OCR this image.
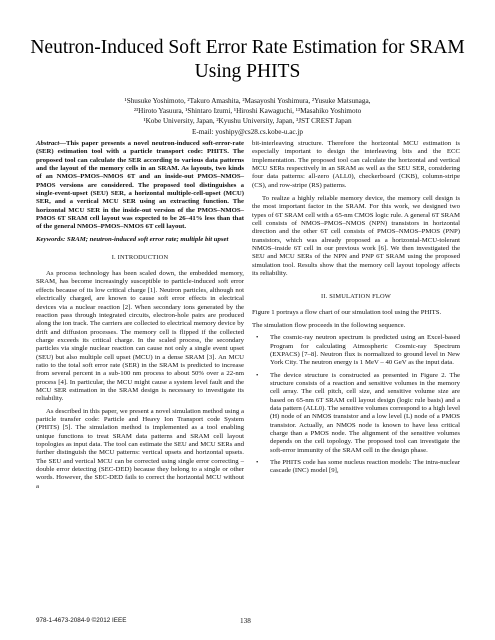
Neutron-Induced Soft Error Rate Estimation for SRAM Using PHITS
¹Shusuke Yoshimoto, ²Takuro Amashita, ²Masayoshi Yoshimura, ²Yusuke Matsunaga,
²³Hiroto Yasuura, ¹Shintaro Izumi, ¹Hiroshi Kawaguchi, ¹³Masahiko Yoshimoto
¹Kobe University, Japan, ²Kyushu University, Japan, ³JST CREST Japan
E-mail: yoshipy@cs28.cs.kobe-u.ac.jp

Abstract—This paper presents a novel neutron-induced soft-error-rate (SER) estimation tool with a particle transport code: PHITS. The proposed tool can calculate the SER according to various data patterns and the layout of the memory cells in an SRAM. As layouts, two kinds of an NMOS–PMOS–NMOS 6T and an inside-out PMOS–NMOS–PMOS versions are considered. The proposed tool distinguishes a single-event-upset (SEU) SER, a horizontal multiple-cell-upset (MCU) SER, and a vertical MCU SER using an extracting function. The horizontal MCU SER in the inside-out version of the PMOS–NMOS–PMOS 6T SRAM cell layout was expected to be 26–41% less than that of the general NMOS–PMOS–NMOS 6T cell layout.

Keywords: SRAM; neutron-induced soft error rate; multiple bit upset

I. INTRODUCTION

As process technology has been scaled down, the embedded memory, SRAM, has become increasingly susceptible to particle-induced soft error effects because of its low critical charge [1]. Neutron particles, although not electrically charged, are known to cause soft error effects in electrical devices via a nuclear reaction [2]. When secondary ions generated by the reaction pass through integrated circuits, electron-hole pairs are produced along the ion track. The carriers are collected to electrical memory device by drift and diffusion processes. The memory cell is flipped if the collected charge exceeds its critical charge. In the scaled process, the secondary particles via single nuclear reaction can cause not only a single event upset (SEU) but also multiple cell upset (MCU) in a dense SRAM [3]. An MCU ratio to the total soft error rate (SER) in the SRAM is predicted to increase from several percent in a sub-100 nm process to about 50% over a 22-nm process [4]. In particular, the MCU might cause a system level fault and the MCU SER estimation in the SRAM design is necessary to investigate its reliability.

As described in this paper, we present a novel simulation method using a particle transfer code: Particle and Heavy Ion Transport code System (PHITS) [5]. The simulation method is implemented as a tool enabling unique functions to treat SRAM data patterns and SRAM cell layout topologies as input data. The tool can estimate the SEU and MCU SERs and further distinguish the MCU patterns: vertical upsets and horizontal upsets. The SEU and vertical MCU can be corrected using single error correcting – double error detecting (SEC-DED) because they belong to a single or other words. However, the SEC-DED fails to correct the horizontal MCU without a

bit-interleaving structure. Therefore the horizontal MCU estimation is especially important to design the interleaving bits and the ECC implementation. The proposed tool can calculate the horizontal and vertical MCU SERs respectively in an SRAM as well as the SEU SER, considering four data patterns: all-zero (ALL0), checkerboard (CKB), column-stripe (CS), and row-stripe (RS) patterns.

To realize a highly reliable memory device, the memory cell design is the most important factor in the SRAM. For this work, we designed two types of 6T SRAM cell with a 65-nm CMOS logic rule. A general 6T SRAM cell consists of NMOS–PMOS–NMOS (NPN) transistors in horizontal direction and the other 6T cell consists of PMOS–NMOS–PMOS (PNP) transistors, which was already proposed as a horizontal-MCU-tolerant NMOS–inside 6T cell in our previous work [6]. We then investigated the SEU and MCU SERs of the NPN and PNP 6T SRAM using the proposed simulation tool. Results show that the memory cell layout topology affects its reliability.

II. SIMULATION FLOW

Figure 1 portrays a flow chart of our simulation tool using the PHITS.

The simulation flow proceeds in the following sequence.

•	The cosmic-ray neutron spectrum is predicted using an Excel-based Program for calculating Atmospheric Cosmic-ray Spectrum (EXPACS) [7–8]. Neutron flux is normalized to ground level in New York City. The neutron energy is 1 MeV – 40 GeV as the input data.
•	The device structure is constructed as presented in Figure 2. The structure consists of a reaction and sensitive volumes in the memory cell array. The cell pitch, cell size, and sensitive volume size are based on 65-nm 6T SRAM cell layout design (logic rule basis) and a data pattern (ALL0). The sensitive volumes correspond to a high level (H) node of an NMOS transistor and a low level (L) node of a PMOS transistor. Actually, an NMOS node is known to have less critical charge than a PMOS node. The alignment of the sensitive volumes depends on the cell topology. The proposed tool can investigate the soft-error immunity of the SRAM cell in the design phase.
•	The PHITS code has some nucleus reaction models: The intra-nuclear cascade (INC) model [9],
978-1-4673-2084-9 ©2012 IEEE	138
